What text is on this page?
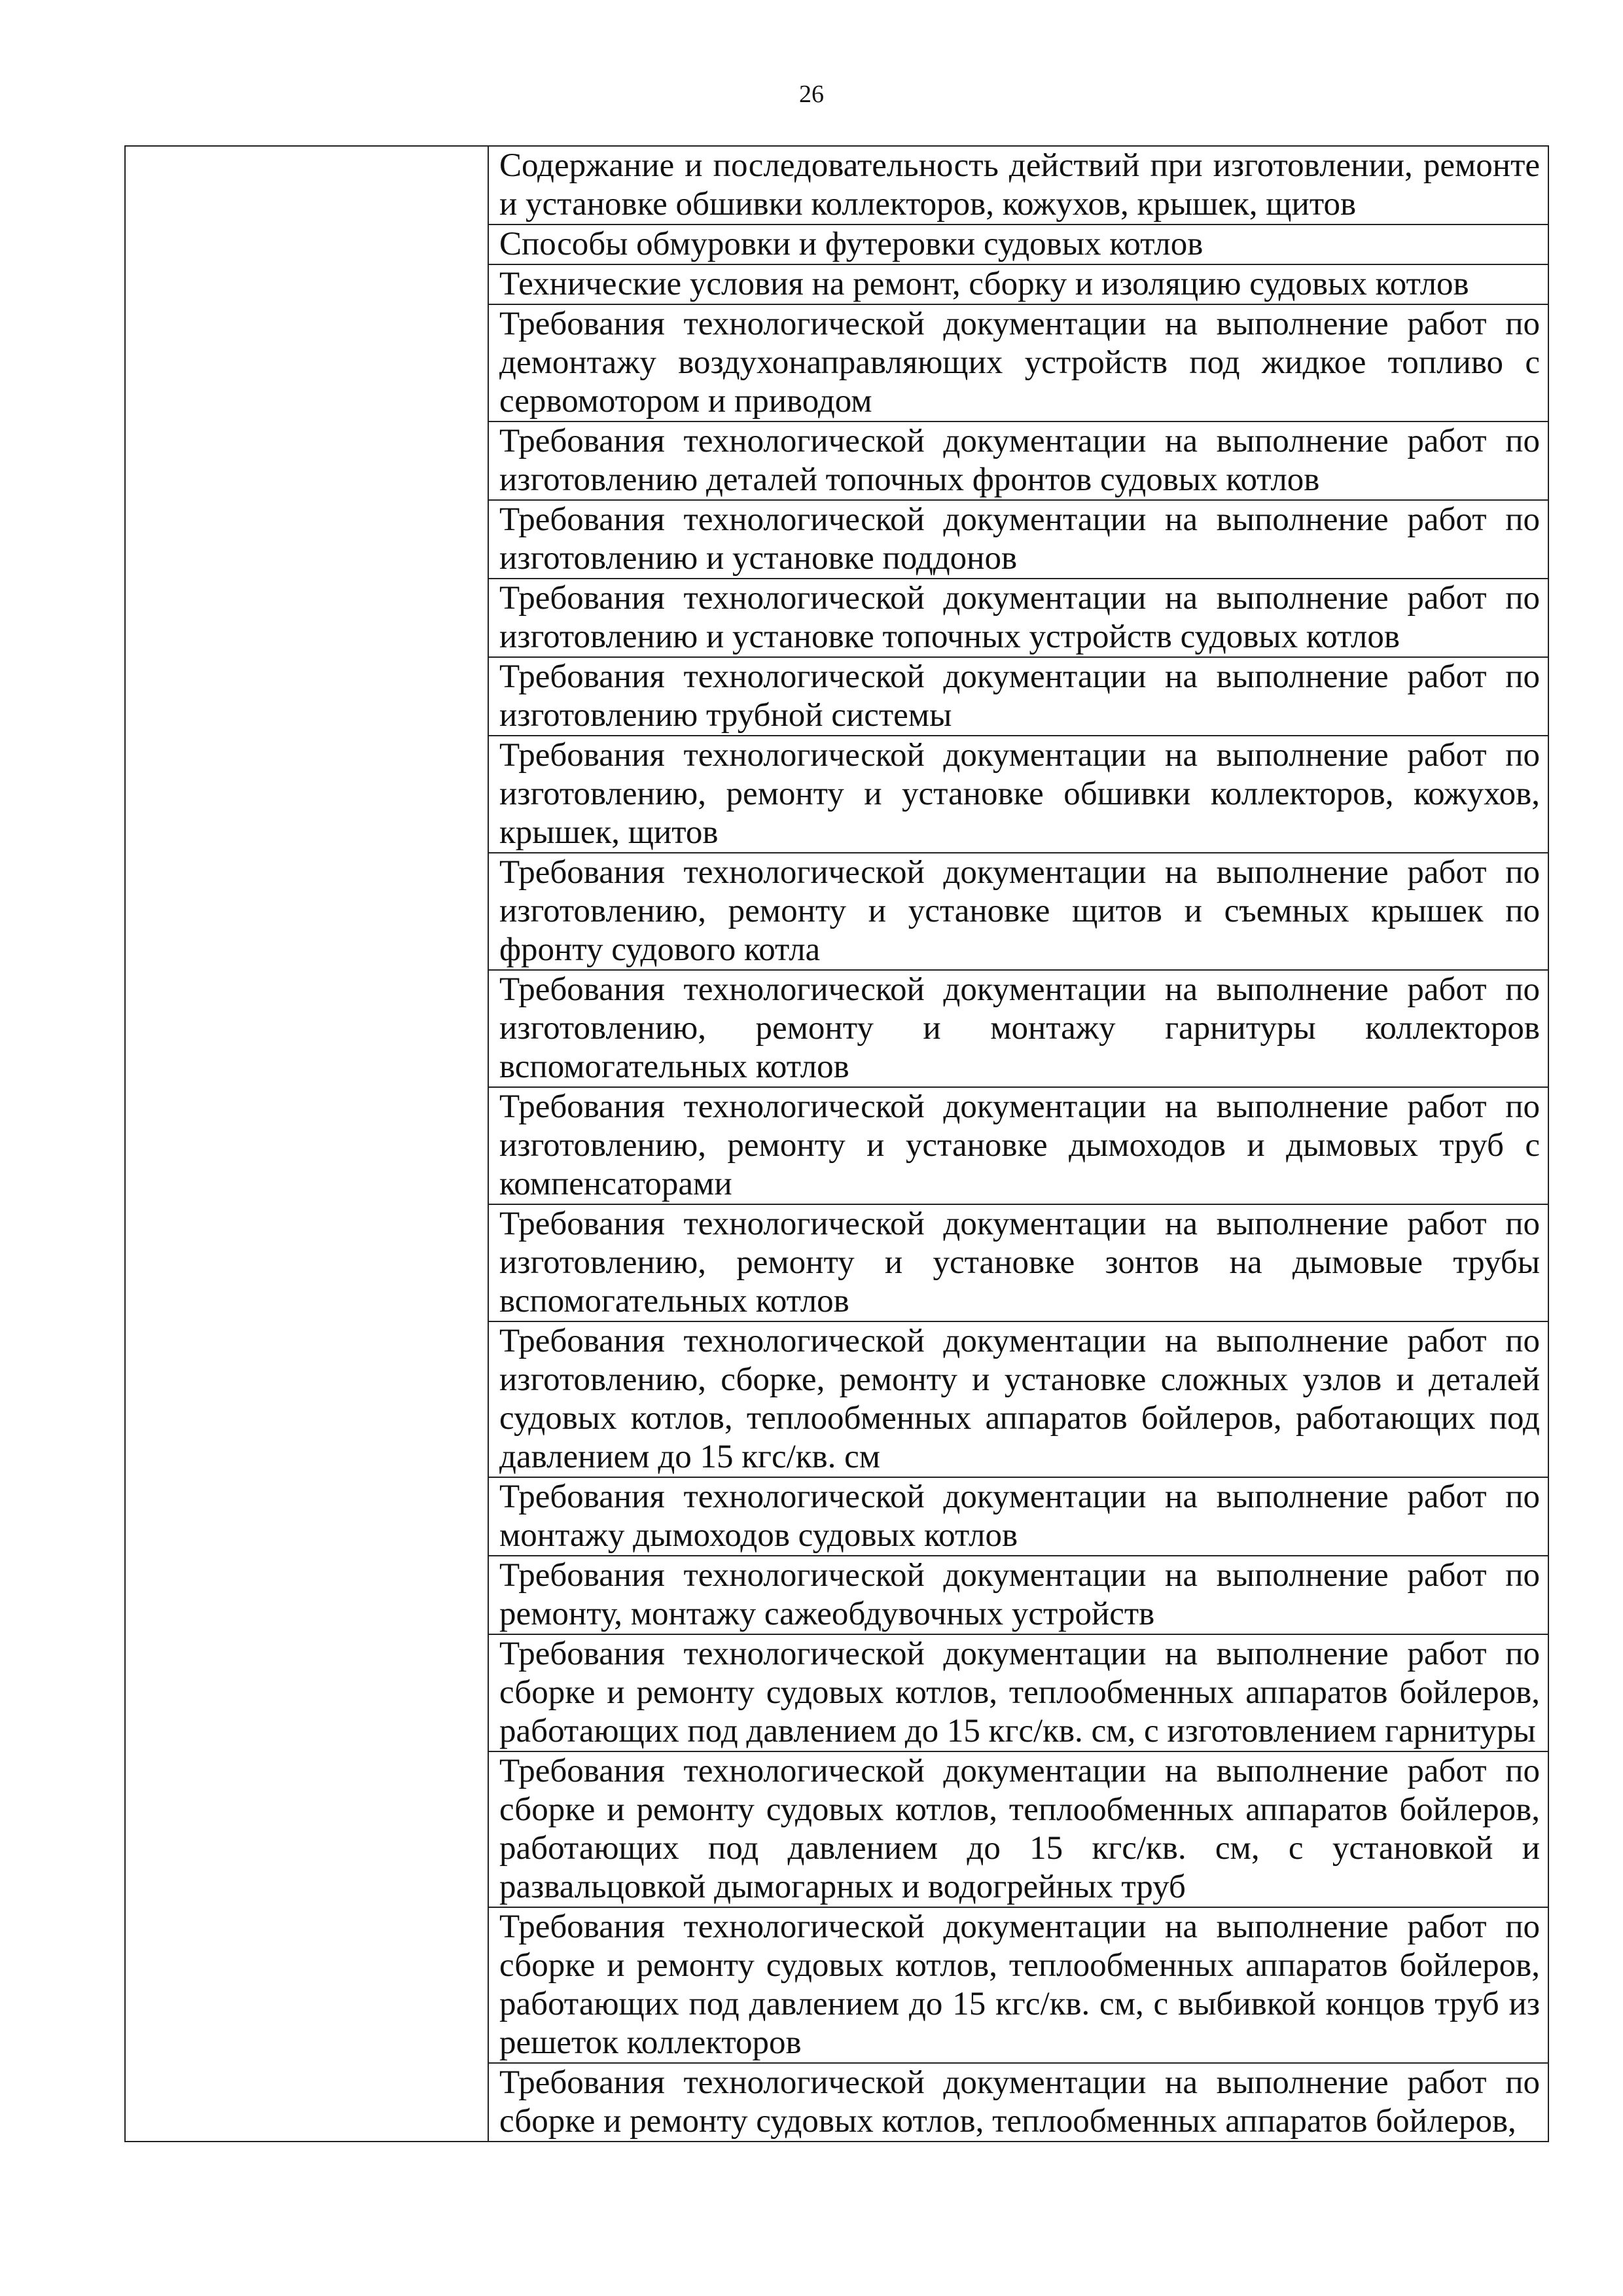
26

Содержание и последовательность действий при изготовлении, ремонте и установке обшивки коллекторов, кожухов, крышек, щитов

Способы обмуровки и футеровки судовых котлов

Технические условия на ремонт, сборку и изоляцию судовых котлов

Требования технологической документации на выполнение работ по демонтажу воздухонаправляющих устройств под жидкое топливо с сервомотором и приводом

Требования технологической документации на выполнение работ по изготовлению деталей топочных фронтов судовых котлов

Требования технологической документации на выполнение работ по изготовлению и установке поддонов

Требования технологической документации на выполнение работ по изготовлению и установке топочных устройств судовых котлов

Требования технологической документации на выполнение работ по изготовлению трубной системы

Требования технологической документации на выполнение работ по изготовлению, ремонту и установке обшивки коллекторов, кожухов, крышек, щитов

Требования технологической документации на выполнение работ по изготовлению, ремонту и установке щитов и съемных крышек по фронту судового котла

Требования технологической документации на выполнение работ по изготовлению, ремонту и монтажу гарнитуры коллекторов вспомогательных котлов

Требования технологической документации на выполнение работ по изготовлению, ремонту и установке дымоходов и дымовых труб с компенсаторами

Требования технологической документации на выполнение работ по изготовлению, ремонту и установке зонтов на дымовые трубы вспомогательных котлов

Требования технологической документации на выполнение работ по изготовлению, сборке, ремонту и установке сложных узлов и деталей судовых котлов, теплообменных аппаратов бойлеров, работающих под давлением до 15 кгс/кв. см

Требования технологической документации на выполнение работ по монтажу дымоходов судовых котлов

Требования технологической документации на выполнение работ по ремонту, монтажу сажеобдувочных устройств

Требования технологической документации на выполнение работ по сборке и ремонту судовых котлов, теплообменных аппаратов бойлеров, работающих под давлением до 15 кгс/кв. см, с изготовлением гарнитуры

Требования технологической документации на выполнение работ по сборке и ремонту судовых котлов, теплообменных аппаратов бойлеров, работающих под давлением до 15 кгс/кв. см, с установкой и развальцовкой дымогарных и водогрейных труб

Требования технологической документации на выполнение работ по сборке и ремонту судовых котлов, теплообменных аппаратов бойлеров, работающих под давлением до 15 кгс/кв. см, с выбивкой концов труб из решеток коллекторов

Требования технологической документации на выполнение работ по сборке и ремонту судовых котлов, теплообменных аппаратов бойлеров,
